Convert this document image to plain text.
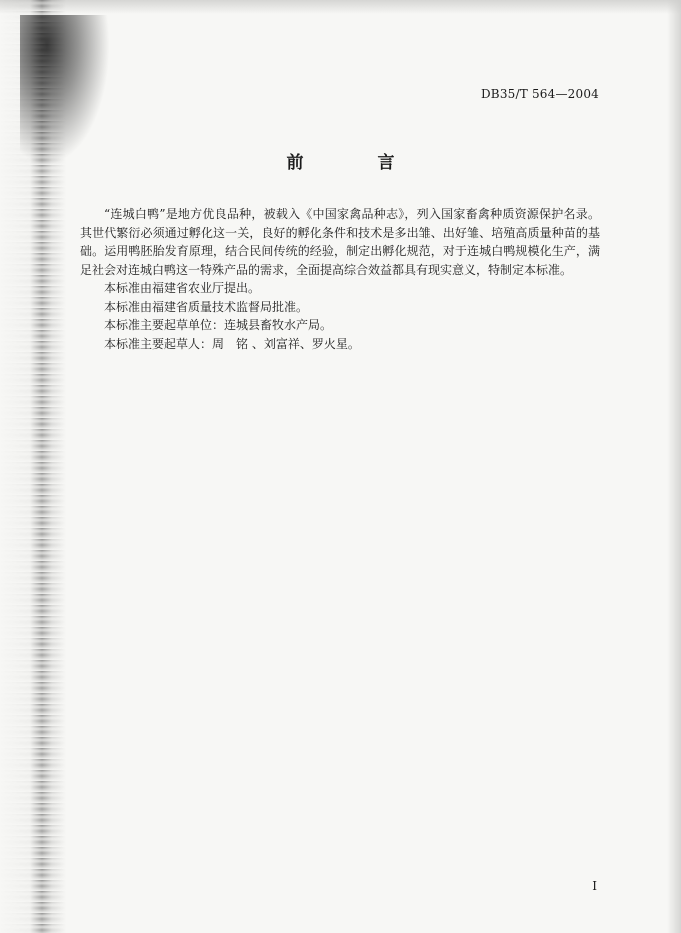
DB35/T 564—2004
前 言

“连城白鸭”是地方优良品种，被载入《中国家禽品种志》，列入国家畜禽种质资源保护名录。其世代繁衍必须通过孵化这一关，良好的孵化条件和技术是多出雏、出好雏、培殖高质量种苗的基础。运用鸭胚胎发育原理，结合民间传统的经验，制定出孵化规范，对于连城白鸭规模化生产，满足社会对连城白鸭这一特殊产品的需求，全面提高综合效益都具有现实意义，特制定本标准。

本标准由福建省农业厅提出。

本标准由福建省质量技术监督局批准。

本标准主要起草单位：连城县畜牧水产局。

本标准主要起草人：周　铭 、刘富祥、罗火星。

I
